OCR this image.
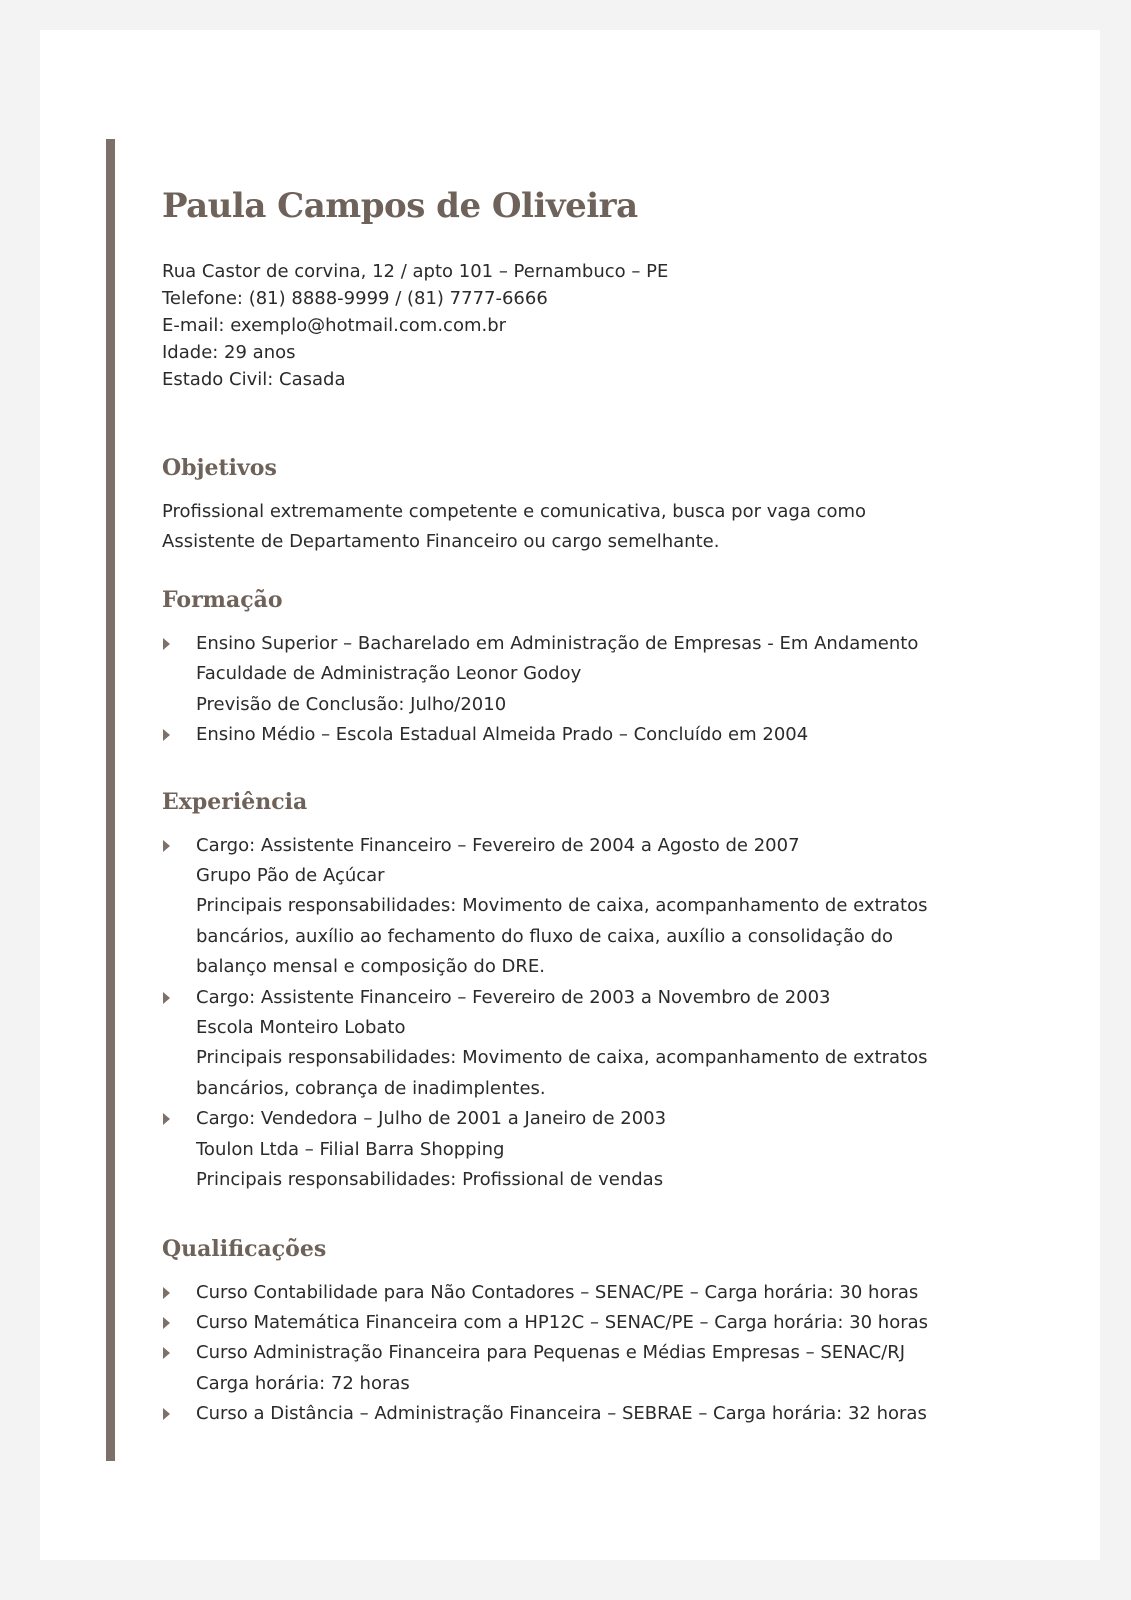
Paula Campos de Oliveira

Rua Castor de corvina, 12 / apto 101 – Pernambuco – PE

Telefone: (81) 8888-9999 / (81) 7777-6666

E-mail: exemplo@hotmail.com.com.br

Idade: 29 anos

Estado Civil: Casada

Objetivos

Profissional extremamente competente e comunicativa, busca por vaga como

Assistente de Departamento Financeiro ou cargo semelhante.

Formação
Ensino Superior – Bacharelado em Administração de Empresas - Em Andamento
Faculdade de Administração Leonor Godoy
Previsão de Conclusão: Julho/2010
Ensino Médio – Escola Estadual Almeida Prado – Concluído em 2004
Experiência
Cargo: Assistente Financeiro – Fevereiro de 2004 a Agosto de 2007
Grupo Pão de Açúcar
Principais responsabilidades: Movimento de caixa, acompanhamento de extratos
bancários, auxílio ao fechamento do fluxo de caixa, auxílio a consolidação do
balanço mensal e composição do DRE.
Cargo: Assistente Financeiro – Fevereiro de 2003 a Novembro de 2003
Escola Monteiro Lobato
Principais responsabilidades: Movimento de caixa, acompanhamento de extratos
bancários, cobrança de inadimplentes.
Cargo: Vendedora – Julho de 2001 a Janeiro de 2003
Toulon Ltda – Filial Barra Shopping
Principais responsabilidades: Profissional de vendas
Qualificações
Curso Contabilidade para Não Contadores – SENAC/PE – Carga horária: 30 horas
Curso Matemática Financeira com a HP12C – SENAC/PE – Carga horária: 30 horas
Curso Administração Financeira para Pequenas e Médias Empresas – SENAC/RJ
Carga horária: 72 horas
Curso a Distância – Administração Financeira – SEBRAE – Carga horária: 32 horas
